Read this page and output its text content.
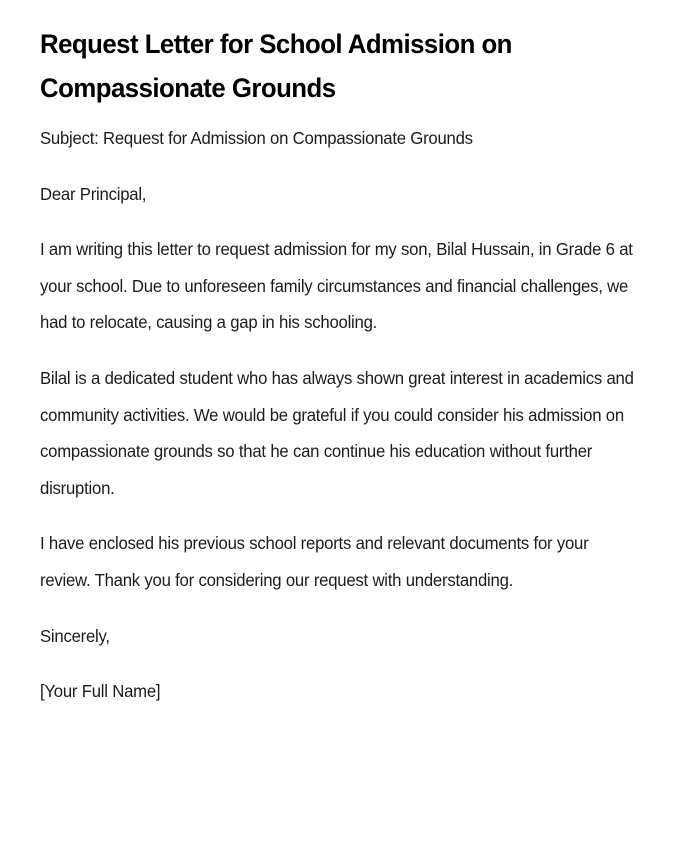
Request Letter for School Admission on Compassionate Grounds

Subject: Request for Admission on Compassionate Grounds

Dear Principal,

I am writing this letter to request admission for my son, Bilal Hussain, in Grade 6 at your school. Due to unforeseen family circumstances and financial challenges, we had to relocate, causing a gap in his schooling.

Bilal is a dedicated student who has always shown great interest in academics and community activities. We would be grateful if you could consider his admission on compassionate grounds so that he can continue his education without further disruption.

I have enclosed his previous school reports and relevant documents for your review. Thank you for considering our request with understanding.

Sincerely,

[Your Full Name]
